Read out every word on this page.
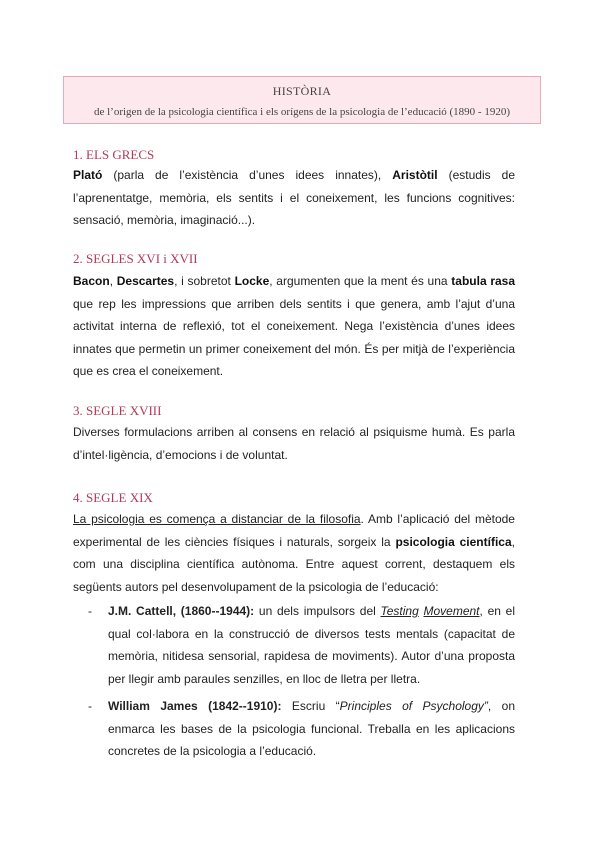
HISTÒRIA
de l’origen de la psicologia científica i els orígens de la psicologia de l’educació (1890 - 1920)
1. ELS GRECS
Plató (parla de l’existència d’unes idees innates), Aristòtil (estudis de l’aprenentatge, memòria, els sentits i el coneixement, les funcions cognitives: sensació, memòria, imaginació...).
2. SEGLES XVI i XVII
Bacon, Descartes, i sobretot Locke, argumenten que la ment és una tabula rasa que rep les impressions que arriben dels sentits i que genera, amb l’ajut d’una activitat interna de reflexió, tot el coneixement. Nega l’existència d’unes idees innates que permetin un primer coneixement del món. És per mitjà de l’experiència que es crea el coneixement.
3. SEGLE XVIII
Diverses formulacions arriben al consens en relació al psiquisme humà. Es parla d’intel·ligència, d’emocions i de voluntat.
4. SEGLE XIX
La psicologia es comença a distanciar de la filosofia. Amb l’aplicació del mètode experimental de les ciències físiques i naturals, sorgeix la psicologia científica, com una disciplina científica autònoma. Entre aquest corrent, destaquem els següents autors pel desenvolupament de la psicologia de l’educació:
- J.M. Cattell, (1860--1944): un dels impulsors del Testing Movement, en el qual col·labora en la construcció de diversos tests mentals (capacitat de memòria, nitidesa sensorial, rapidesa de moviments). Autor d’una proposta per llegir amb paraules senzilles, en lloc de lletra per lletra.
- William James (1842--1910): Escriu “Principles of Psychology”, on enmarca les bases de la psicologia funcional. Treballa en les aplicacions concretes de la psicologia a l’educació.
